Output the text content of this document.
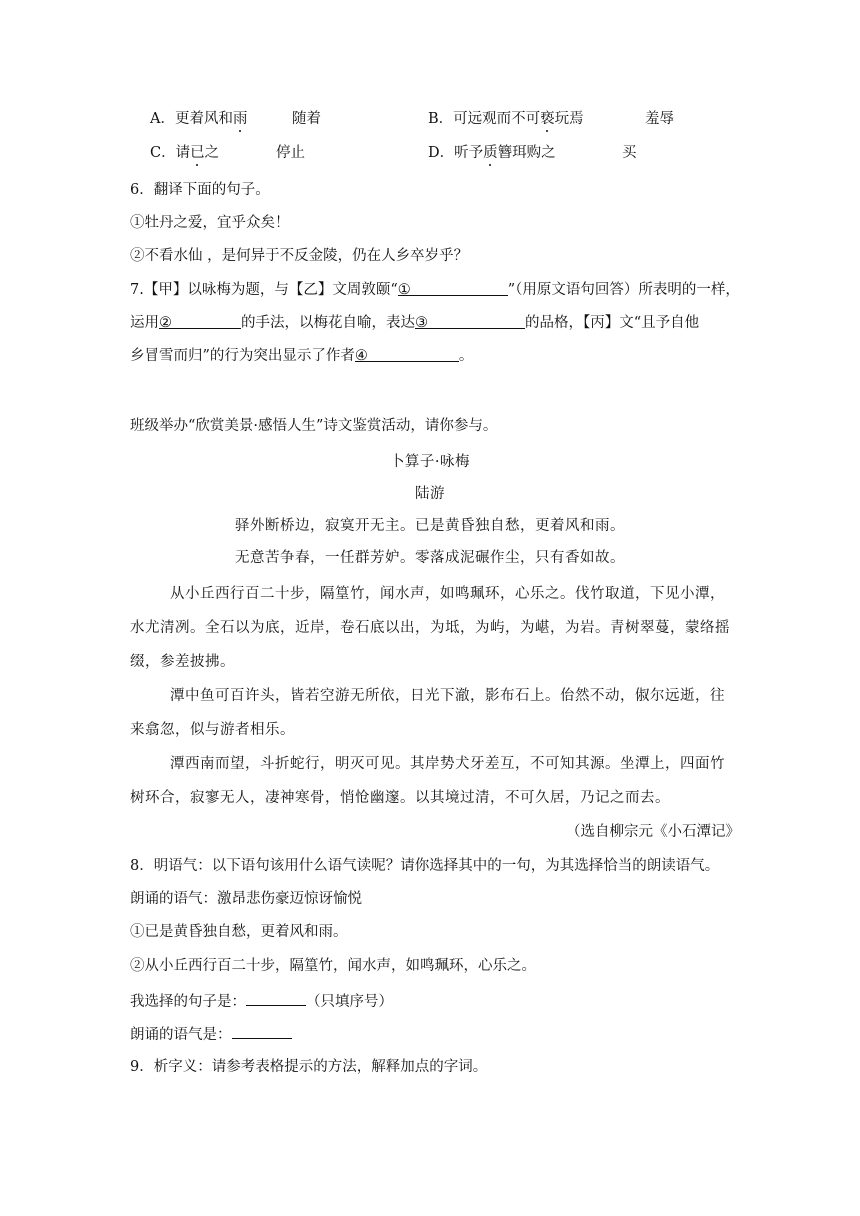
A．更着风和雨	随着	B．可远观而不可亵玩焉	羞辱
C．请已之	停止	D．听予质簪珥购之	买
6．翻译下面的句子。
①牡丹之爱，宜乎众矣！
②不看水仙 ，是何异于不反金陵，仍在人乡卒岁乎？
7.【甲】以咏梅为题，与【乙】文周敦颐“①	”（用原文语句回答）所表明的一样，
运用②	的手法，以梅花自喻，表达③	的品格，【丙】文“且予自他
乡冒雪而归”的行为突出显示了作者④	。
班级举办“欣赏美景·感悟人生”诗文鉴赏活动，请你参与。
卜算子·咏梅
陆游
驿外断桥边，寂寞开无主。已是黄昏独自愁，更着风和雨。
无意苦争春，一任群芳妒。零落成泥碾作尘，只有香如故。
从小丘西行百二十步，隔篁竹，闻水声，如鸣珮环，心乐之。伐竹取道，下见小潭，
水尤清冽。全石以为底，近岸，卷石底以出，为坻，为屿，为嵁，为岩。青树翠蔓，蒙络摇
缀，参差披拂。
潭中鱼可百许头，皆若空游无所依，日光下澈，影布石上。佁然不动，俶尔远逝，往
来翕忽，似与游者相乐。
潭西南而望，斗折蛇行，明灭可见。其岸势犬牙差互，不可知其源。坐潭上，四面竹
树环合，寂寥无人，凄神寒骨，悄怆幽邃。以其境过清，不可久居，乃记之而去。
（选自柳宗元《小石潭记》
8．明语气：以下语句该用什么语气读呢？请你选择其中的一句，为其选择恰当的朗读语气。
朗诵的语气：激昂悲伤豪迈惊讶愉悦
①已是黄昏独自愁，更着风和雨。
②从小丘西行百二十步，隔篁竹，闻水声，如鸣珮环，心乐之。
我选择的句子是：	（只填序号）
朗诵的语气是：
9．析字义：请参考表格提示的方法，解释加点的字词。
